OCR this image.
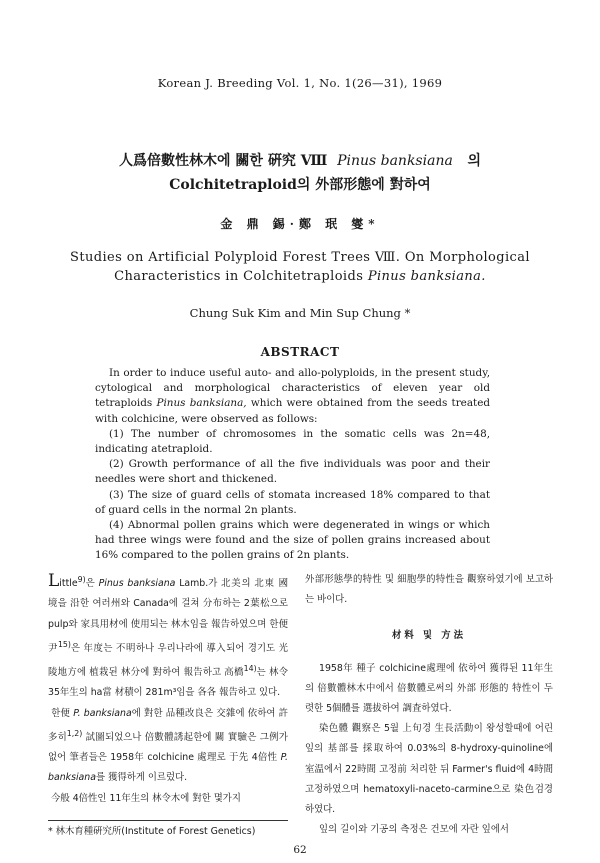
Korean J. Breeding Vol. 1, No. 1(26—31), 1969
人爲倍數性林木에 關한 硏究 Ⅷ Pinus banksiana 의
Colchitetraploid의 外部形態에 對하여
金 鼎 錫·鄭 珉 燮*
Studies on Artificial Polyploid Forest Trees Ⅷ. On Morphological
Characteristics in Colchitetraploids Pinus banksiana.
Chung Suk Kim and Min Sup Chung *
ABSTRACT

In order to induce useful auto- and allo-polyploids, in the present study, cytological and morphological characteristics of eleven year old tetraploids Pinus banksiana, which were obtained from the seeds treated with colchicine, were observed as follows:

(1) The number of chromosomes in the somatic cells was 2n=48, indicating atetraploid.

(2) Growth performance of all the five individuals was poor and their needles were short and thickened.

(3) The size of guard cells of stomata increased 18% compared to that of guard cells in the normal 2n plants.

(4) Abnormal pollen grains which were degenerated in wings or which had three wings were found and the size of pollen grains increased about 16% compared to the pollen grains of 2n plants.

Little$^{9)}$은 Pinus banksiana Lamb.가 北美의 北東 國境을 沿한 여러州와 Canada에 걸쳐 分布하는 2葉松으로 pulp와 家具用材에 使用되는 林木임을 報告하였으며 한便 尹$^{15)}$은 年度는 不明하나 우리나라에 導入되어 경기도 光陵地方에 植栽된 林分에 對하여 報告하고 高橋$^{14)}$는 林令 35年生의 ha當 材積이 281m³임을 各各 報告하고 있다.

한便 P. banksiana에 對한 品種改良은 交雜에 依하여 許多히$^{1,2)}$ 試圖되었으나 倍數體誘起한에 關 實驗은 그例가 없어 筆者들은 1958年 colchicine 處理로 于先 4倍性 P. banksiana를 獲得하게 이르렀다.

今般 4倍性인 11年生의 林令木에 對한 몇가지

外部形態學的特性 및 細胞學的特性을 觀察하였기에 보고하는 바이다.

材料 및 方法

1958年 種子 colchicine處理에 依하여 獲得된 11年生의 倍數體林木中에서 倍數體로써의 外部 形態的 特性이 두렷한 5個體를 選拔하여 調査하였다.

染色體 觀察은 5월 上旬경 生長活動이 왕성할때에 어린잎의 基部를 採取하여 0.03%의 8-hydroxy-quinoline에 室温에서 22時間 고정前 처리한 뒤 Farmer's fluid에 4時間 고정하였으며 hematoxyli-naceto-carmine으로 染色검경하였다.

잎의 길이와 기공의 측정은 건모에 자란 잎에서

* 林木育種硏究所(Institute of Forest Genetics)
62
